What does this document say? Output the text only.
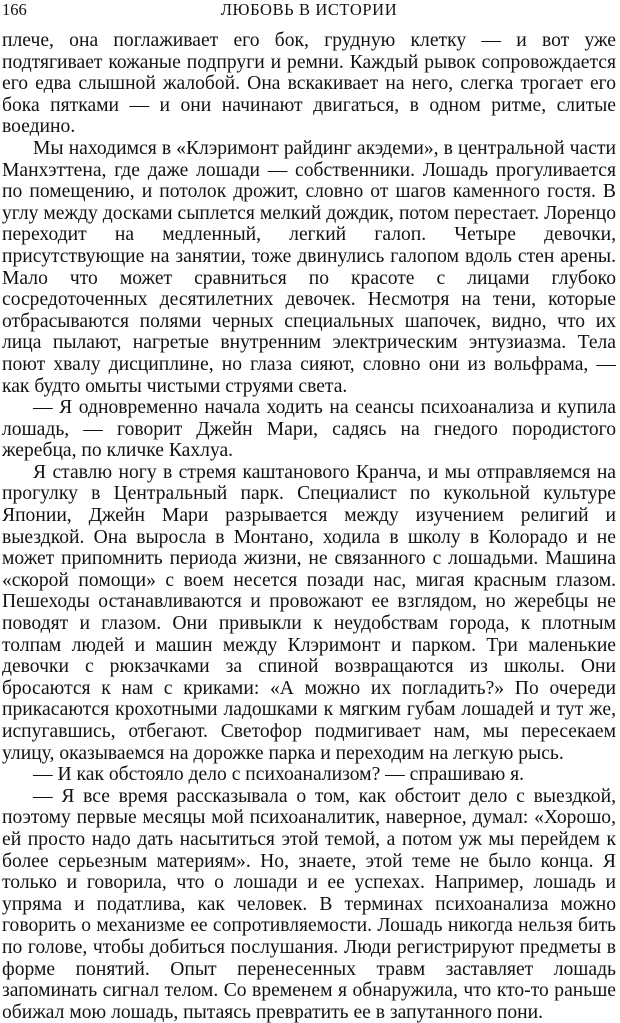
166	ЛЮБОВЬ В ИСТОРИИ

плече, она поглаживает его бок, грудную клетку — и вот уже подтягивает кожаные подпруги и ремни. Каждый рывок сопровождается его едва слышной жалобой. Она вскакивает на него, слегка трогает его бока пятками — и они начинают двигаться, в одном ритме, слитые воедино.

Мы находимся в «Клэримонт райдинг акэдеми», в центральной части Манхэттена, где даже лошади — собственники. Лошадь прогуливается по помещению, и потолок дрожит, словно от шагов каменного гостя. В углу между досками сыплется мелкий дождик, потом перестает. Лоренцо переходит на медленный, легкий галоп. Четыре девочки, присутствующие на занятии, тоже двинулись галопом вдоль стен арены. Мало что может сравниться по красоте с лицами глубоко сосредоточенных десятилетних девочек. Несмотря на тени, которые отбрасываются полями черных специальных шапочек, видно, что их лица пылают, нагретые внутренним электрическим энтузиазма. Тела поют хвалу дисциплине, но глаза сияют, словно они из вольфрама, — как будто омыты чистыми струями света.

— Я одновременно начала ходить на сеансы психоанализа и купила лошадь, — говорит Джейн Мари, садясь на гнедого породистого жеребца, по кличке Кахлуа.

Я ставлю ногу в стремя каштанового Кранча, и мы отправляемся на прогулку в Центральный парк. Специалист по кукольной культуре Японии, Джейн Мари разрывается между изучением религий и выездкой. Она выросла в Монтано, ходила в школу в Колорадо и не может припомнить периода жизни, не связанного с лошадьми. Машина «скорой помощи» с воем несется позади нас, мигая красным глазом. Пешеходы останавливаются и провожают ее взглядом, но жеребцы не поводят и глазом. Они привыкли к неудобствам города, к плотным толпам людей и машин между Клэримонт и парком. Три маленькие девочки с рюкзачками за спиной возвращаются из школы. Они бросаются к нам с криками: «А можно их погладить?» По очереди прикасаются крохотными ладошками к мягким губам лошадей и тут же, испугавшись, отбегают. Светофор подмигивает нам, мы пересекаем улицу, оказываемся на дорожке парка и переходим на легкую рысь.

— И как обстояло дело с психоанализом? — спрашиваю я.

— Я все время рассказывала о том, как обстоит дело с выездкой, поэтому первые месяцы мой психоаналитик, наверное, думал: «Хорошо, ей просто надо дать насытиться этой темой, а потом уж мы перейдем к более серьезным материям». Но, знаете, этой теме не было конца. Я только и говорила, что о лошади и ее успехах. Например, лошадь и упряма и податлива, как человек. В терминах психоанализа можно говорить о механизме ее сопротивляемости. Лошадь никогда нельзя бить по голове, чтобы добиться послушания. Люди регистрируют предметы в форме понятий. Опыт перенесенных травм заставляет лошадь запоминать сигнал телом. Со временем я обнаружила, что кто-то раньше обижал мою лошадь, пытаясь превратить ее в запутанного пони.
